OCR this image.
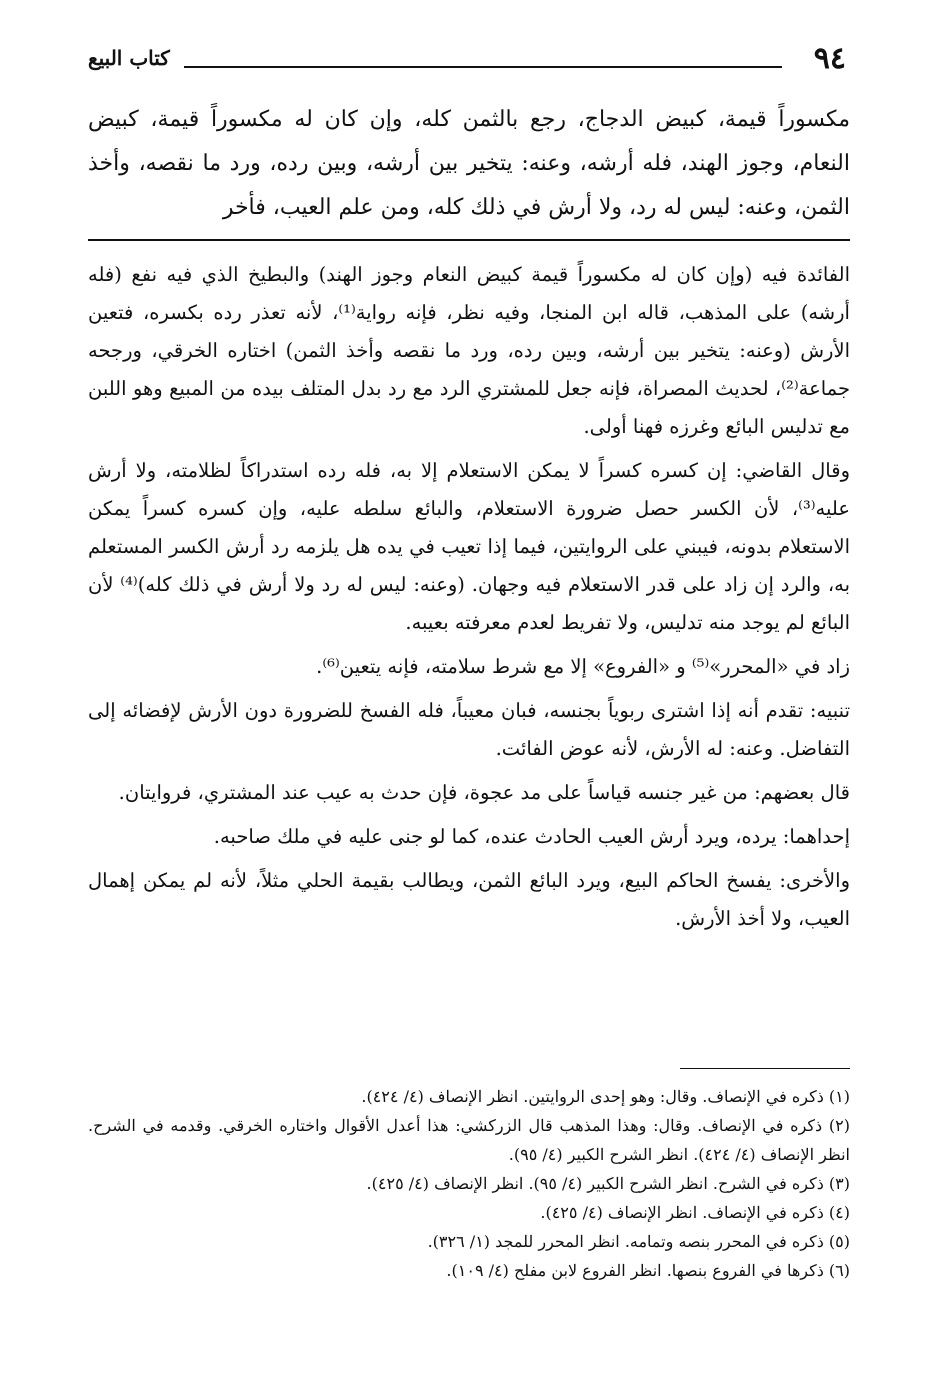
٩٤
كتاب البيع
مكسوراً قيمة، كبيض الدجاج، رجع بالثمن كله، وإن كان له مكسوراً قيمة، كبيض النعام، وجوز الهند، فله أرشه، وعنه: يتخير بين أرشه، وبين رده، ورد ما نقصه، وأخذ الثمن، وعنه: ليس له رد، ولا أرش في ذلك كله، ومن علم العيب، فأخر

الفائدة فيه (وإن كان له مكسوراً قيمة كبيض النعام وجوز الهند) والبطيخ الذي فيه نفع (فله أرشه) على المذهب، قاله ابن المنجا، وفيه نظر، فإنه رواية⁽¹⁾، لأنه تعذر رده بكسره، فتعين الأرش (وعنه: يتخير بين أرشه، وبين رده، ورد ما نقصه وأخذ الثمن) اختاره الخرقي، ورجحه جماعة⁽²⁾، لحديث المصراة، فإنه جعل للمشتري الرد مع رد بدل المتلف بيده من المبيع وهو اللبن مع تدليس البائع وغرزه فهنا أولى.

وقال القاضي: إن كسره كسراً لا يمكن الاستعلام إلا به، فله رده استدراكاً لظلامته، ولا أرش عليه⁽³⁾، لأن الكسر حصل ضرورة الاستعلام، والبائع سلطه عليه، وإن كسره كسراً يمكن الاستعلام بدونه، فيبني على الروايتين، فيما إذا تعيب في يده هل يلزمه رد أرش الكسر المستعلم به، والرد إن زاد على قدر الاستعلام فيه وجهان. (وعنه: ليس له رد ولا أرش في ذلك كله)⁽⁴⁾ لأن البائع لم يوجد منه تدليس، ولا تفريط لعدم معرفته بعيبه.

زاد في «المحرر»⁽⁵⁾ و «الفروع» إلا مع شرط سلامته، فإنه يتعين⁽⁶⁾.

تنبيه: تقدم أنه إذا اشترى ربوياً بجنسه، فبان معيباً، فله الفسخ للضرورة دون الأرش لإفضائه إلى التفاضل. وعنه: له الأرش، لأنه عوض الفائت.

قال بعضهم: من غير جنسه قياساً على مد عجوة، فإن حدث به عيب عند المشتري، فروايتان.

إحداهما: يرده، ويرد أرش العيب الحادث عنده، كما لو جنى عليه في ملك صاحبه.

والأخرى: يفسخ الحاكم البيع، ويرد البائع الثمن، ويطالب بقيمة الحلي مثلاً، لأنه لم يمكن إهمال العيب، ولا أخذ الأرش.

(١) ذكره في الإنصاف. وقال: وهو إحدى الروايتين. انظر الإنصاف (٤/ ٤٢٤).
(٢) ذكره في الإنصاف. وقال: وهذا المذهب قال الزركشي: هذا أعدل الأقوال واختاره الخرقي. وقدمه في الشرح. انظر الإنصاف (٤/ ٤٢٤). انظر الشرح الكبير (٤/ ٩٥).
(٣) ذكره في الشرح. انظر الشرح الكبير (٤/ ٩٥). انظر الإنصاف (٤/ ٤٢٥).
(٤) ذكره في الإنصاف. انظر الإنصاف (٤/ ٤٢٥).
(٥) ذكره في المحرر بنصه وتمامه. انظر المحرر للمجد (١/ ٣٢٦).
(٦) ذكرها في الفروع بنصها. انظر الفروع لابن مفلح (٤/ ١٠٩).
